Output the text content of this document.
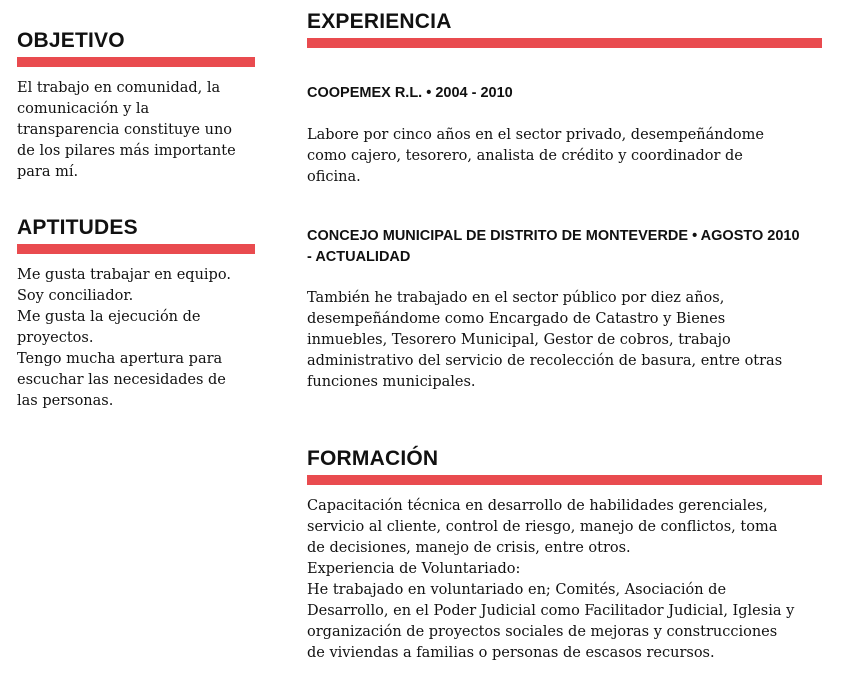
OBJETIVO

El trabajo en comunidad, la
comunicación y la
transparencia constituye uno
de los pilares más importante
para mí.

APTITUDES

Me gusta trabajar en equipo.
Soy conciliador.
Me gusta la ejecución de
proyectos.
Tengo mucha apertura para
escuchar las necesidades de
las personas.

EXPERIENCIA

COOPEMEX R.L. • 2004 - 2010

Labore por cinco años en el sector privado, desempeñándome
como cajero, tesorero, analista de crédito y coordinador de
oficina.

CONCEJO MUNICIPAL DE DISTRITO DE MONTEVERDE • AGOSTO 2010
- ACTUALIDAD

También he trabajado en el sector público por diez años,
desempeñándome como Encargado de Catastro y Bienes
inmuebles, Tesorero Municipal, Gestor de cobros, trabajo
administrativo del servicio de recolección de basura, entre otras
funciones municipales.

FORMACIÓN

Capacitación técnica en desarrollo de habilidades gerenciales,
servicio al cliente, control de riesgo, manejo de conflictos, toma
de decisiones, manejo de crisis, entre otros.
Experiencia de Voluntariado:
He trabajado en voluntariado en; Comités, Asociación de
Desarrollo, en el Poder Judicial como Facilitador Judicial, Iglesia y
organización de proyectos sociales de mejoras y construcciones
de viviendas a familias o personas de escasos recursos.
